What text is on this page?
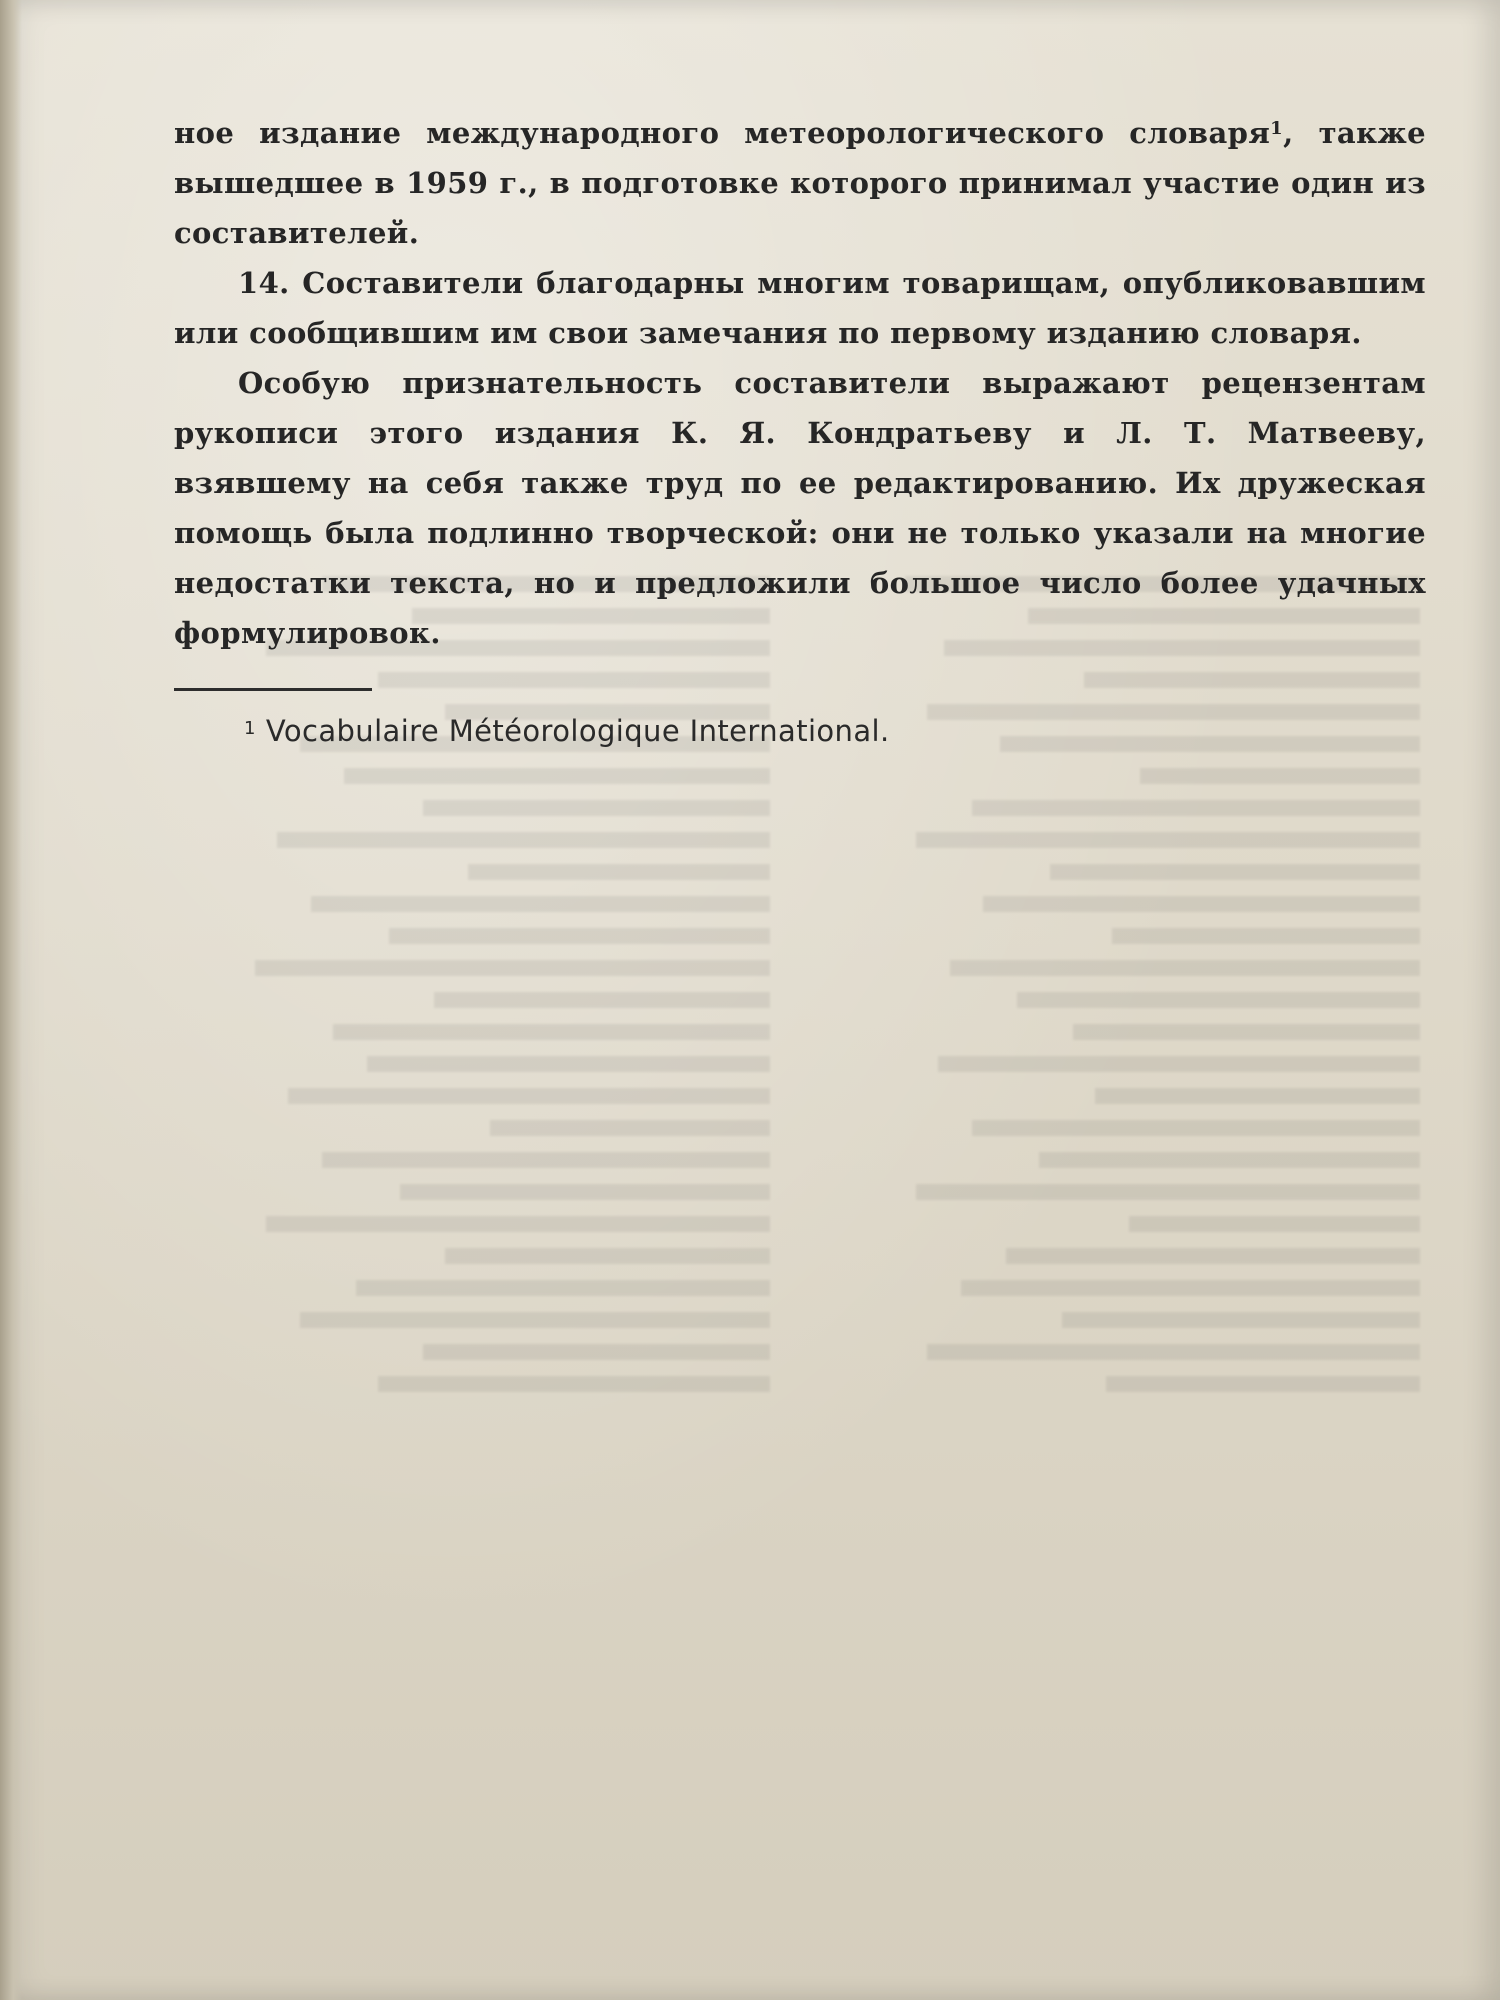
ное издание международного метеорологического словаря$^1$, также вышедшее в 1959 г., в подготовке которого принимал участие один из составителей.

14. Составители благодарны многим товарищам, опубликовавшим или сообщившим им свои замечания по первому изданию словаря.

Особую признательность составители выражают рецензентам рукописи этого издания К. Я. Кондратьеву и Л. Т. Матвееву, взявшему на себя также труд по ее редактированию. Их дружеская помощь была подлинно творческой: они не только указали на многие недостатки текста, но и предложили большое число более удачных формулировок.

$^1$ Vocabulaire Météorologique International.
